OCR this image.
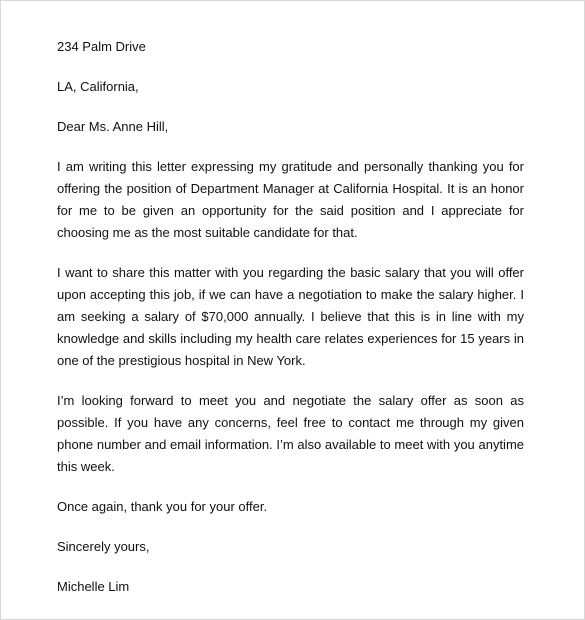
234 Palm Drive

LA, California,

Dear Ms. Anne Hill,

I am writing this letter expressing my gratitude and personally thanking you for offering the position of Department Manager at California Hospital. It is an honor for me to be given an opportunity for the said position and I appreciate for choosing me as the most suitable candidate for that.

I want to share this matter with you regarding the basic salary that you will offer upon accepting this job, if we can have a negotiation to make the salary higher. I am seeking a salary of $70,000 annually. I believe that this is in line with my knowledge and skills including my health care relates experiences for 15 years in one of the prestigious hospital in New York.

I’m looking forward to meet you and negotiate the salary offer as soon as possible. If you have any concerns, feel free to contact me through my given phone number and email information. I’m also available to meet with you anytime this week.

Once again, thank you for your offer.

Sincerely yours,

Michelle Lim
